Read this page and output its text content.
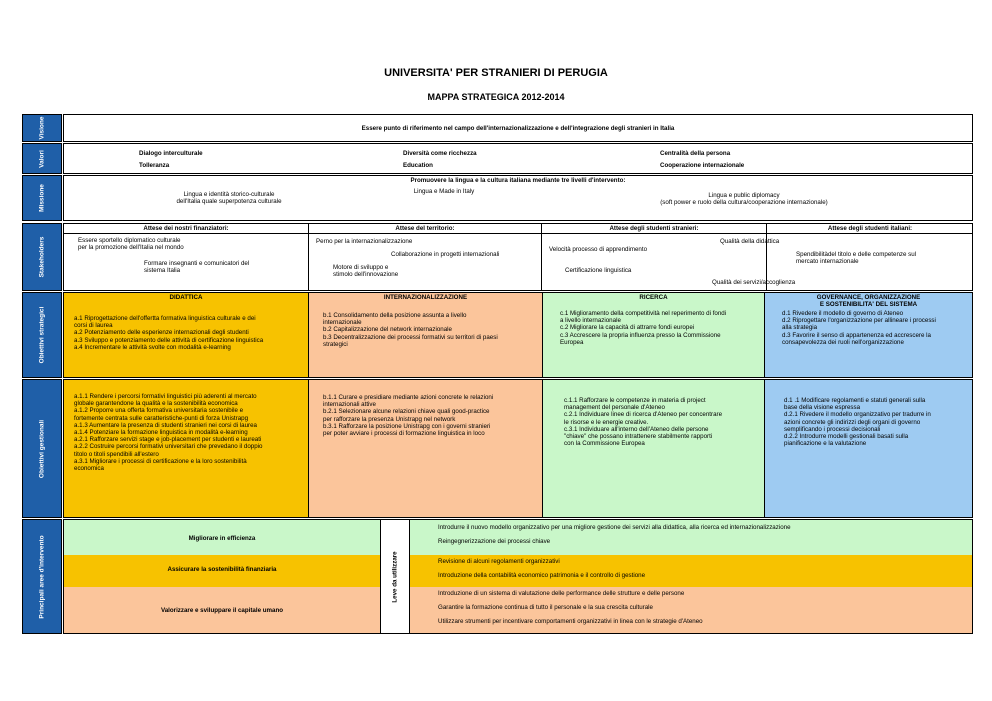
UNIVERSITA' PER STRANIERI DI PERUGIA
MAPPA STRATEGICA 2012-2014
Visione
Valori
Missione
Stakeholders
Obiettivi strategici
Obiettivi gestionali
Principali aree d'intervento
Essere punto di riferimento nel campo dell'internazionalizzazione e dell'integrazione degli stranieri in Italia
Dialogo interculturale
Tolleranza
Diversità come ricchezza
Education
Centralità della persona
Cooperazione internazionale
Promuovere la lingua e la cultura italiana mediante tre livelli d'intervento:
Lingua e identità storico-culturale
dell'Italia quale superpotenza culturale
Lingua e Made in Italy
Lingua e public diplomacy
(soft power e ruolo della cultura/cooperazione internazionale)
Attese dei nostri finanziatori:
Essere sportello diplomatico culturale
per la promozione dell'Italia nel mondo
Formare insegnanti e comunicatori del
sistema Italia
Attese del territorio:
Perno per la internazionalizzazione
Collaborazione in progetti internazionali
Motore di sviluppo e
stimolo dell'innovazione
Attese degli studenti stranieri:
Qualità della didattica
Velocità processo di apprendimento
Certificazione linguistica
Qualità dei servizi/accoglienza
Attese degli studenti italiani:
Spendibilitàdel titolo e delle competenze sul
mercato internazionale
DIDATTICA
a.1 Riprogettazione dell'offertta formativa linguistica culturale e dei
corsi di laurea
a.2 Potenziamento delle esperienze internazionali degli studenti
a.3 Sviluppo e potenziamento delle attività di certificazione linguistica
a.4 Incrementare le attività svolte con modalità e-learning
INTERNAZIONALIZZAZIONE
b.1 Consolidamento della posizione assunta a livello
internazionale
b.2 Capitalizzazione del network internazionale
b.3 Decentralizzazione dei processi formativi su territori di paesi
strategici
RICERCA
c.1 Miglioramento della competitività nel reperimento di fondi
a livello internazionale
c.2 Migliorare la capacità di attrarre fondi europei
c.3 Accrescere la propria influenza presso la Commissione
Europea
GOVERNANCE, ORGANIZZAZIONE
E SOSTENIBILITA' DEL SISTEMA
d.1 Rivedere il modello di governo di Ateneo
d.2 Riprogettare l'organizzazione per allineare i processi
alla strategia
d.3 Favorire il senso di appartenenza ed accrescere la
consapevolezza dei ruoli nell'organizzazione
a.1.1 Rendere i percorsi formativi linguistici più aderenti al mercato
globale garantendone la qualità e la sostenibilità economica
a.1.2 Proporre una offerta formativa universitaria sostenibile e
fortemente centrata sulle caratteristiche-punti di forza Unistrapg
a.1.3 Aumentare la presenza di studenti stranieri nei corsi di laurea
a.1.4 Potenziare la formazione linguistica in modalità e-learning
a.2.1 Rafforzare servizi stage e job-placement per studenti e laureati
a.2.2 Costruire percorsi formativi universitari che prevedano il doppio
titolo o titoli spendibili all'estero
a.3.1 Migliorare i processi di certificazione e la loro sostenibilità
economica
b.1.1 Curare e presidiare mediante azioni concrete le relazioni
internazionali attive
b.2.1 Selezionare alcune relazioni chiave quali good-practice
per rafforzare la presenza Unistrapg nel network
b.3.1 Rafforzare la posizione Unistrapg con i governi stranieri
per poter avviare i processi di formazione linguistica in loco
c.1.1 Rafforzare le competenze in materia di project
management del personale d'Ateneo
c.2.1 Individuare linee di ricerca d'Ateneo per concentrare
le risorse e le energie creative.
c.3.1 Individuare all'interno dell'Ateneo delle persone
"chiave" che possano intrattenere stabilmente rapporti
con la Commissione Europea
d.1 .1 Modificare regolamenti e statuti generali sulla
base della visione espressa
d.2.1 Rivedere il modello organizzativo per tradurre in
azioni concrete gli indirizzi degli organi di governo
semplificando i processi decisionali
d.2.2 Introdurre modelli gestionali basati sulla
pianificazione e la valutazione
Migliorare in efficienza
Assicurare la sostenibilità finanziaria
Valorizzare e sviluppare il capitale umano
Leve da utilizzare
Introdurre il nuovo modello organizzativo per una migliore gestione dei servizi alla didattica, alla ricerca ed internazionalizzazione
Reingegnerizzazione dei processi chiave
Revisione di alcuni regolamenti organizzativi
Introduzione della contabilità economico patrimonia e il controllo di gestione
Introduzione di un sistema di valutazione delle performance delle strutture e delle persone
Garantire la formazione continua di tutto il personale e la sua crescita culturale
Utilizzare strumenti per incentivare comportamenti organizzativi in linea con le strategie d'Ateneo
